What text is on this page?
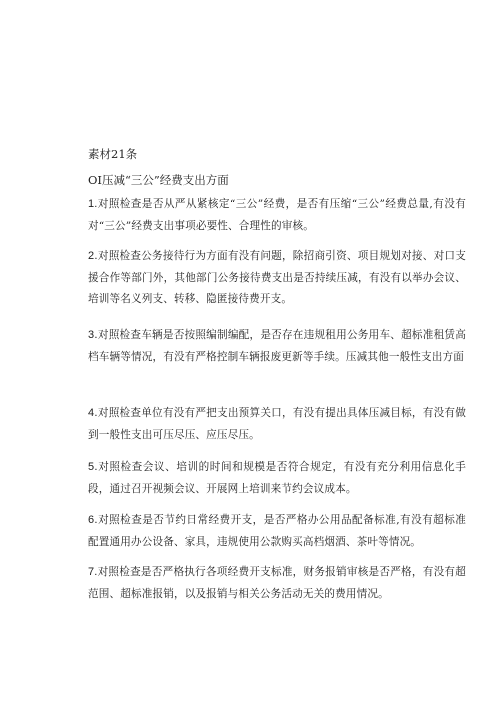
素材21条
OI压减“三公”经费支出方面
1.对照检查是否从严从紧核定“三公”经费，是否有压缩“三公”经费总量,有没有对“三公”经费支出事项必要性、合理性的审核。
2.对照检查公务接待行为方面有没有问题，除招商引资、项目规划对接、对口支援合作等部门外，其他部门公务接待费支出是否持续压减，有没有以举办会议、培训等名义列支、转移、隐匿接待费开支。
3.对照检查车辆是否按照编制编配，是否存在违规租用公务用车、超标准租赁高档车辆等情况，有没有严格控制车辆报废更新等手续。压减其他一般性支出方面
4.对照检查单位有没有严把支出预算关口，有没有提出具体压减目标，有没有做到一般性支出可压尽压、应压尽压。
5.对照检查会议、培训的时间和规模是否符合规定，有没有充分利用信息化手段，通过召开视频会议、开展网上培训来节约会议成本。
6.对照检查是否节约日常经费开支，是否严格办公用品配备标准,有没有超标准配置通用办公设备、家具，违规使用公款购买高档烟酒、茶叶等情况。
7.对照检查是否严格执行各项经费开支标准，财务报销审核是否严格，有没有超范围、超标准报销，以及报销与相关公务活动无关的费用情况。
